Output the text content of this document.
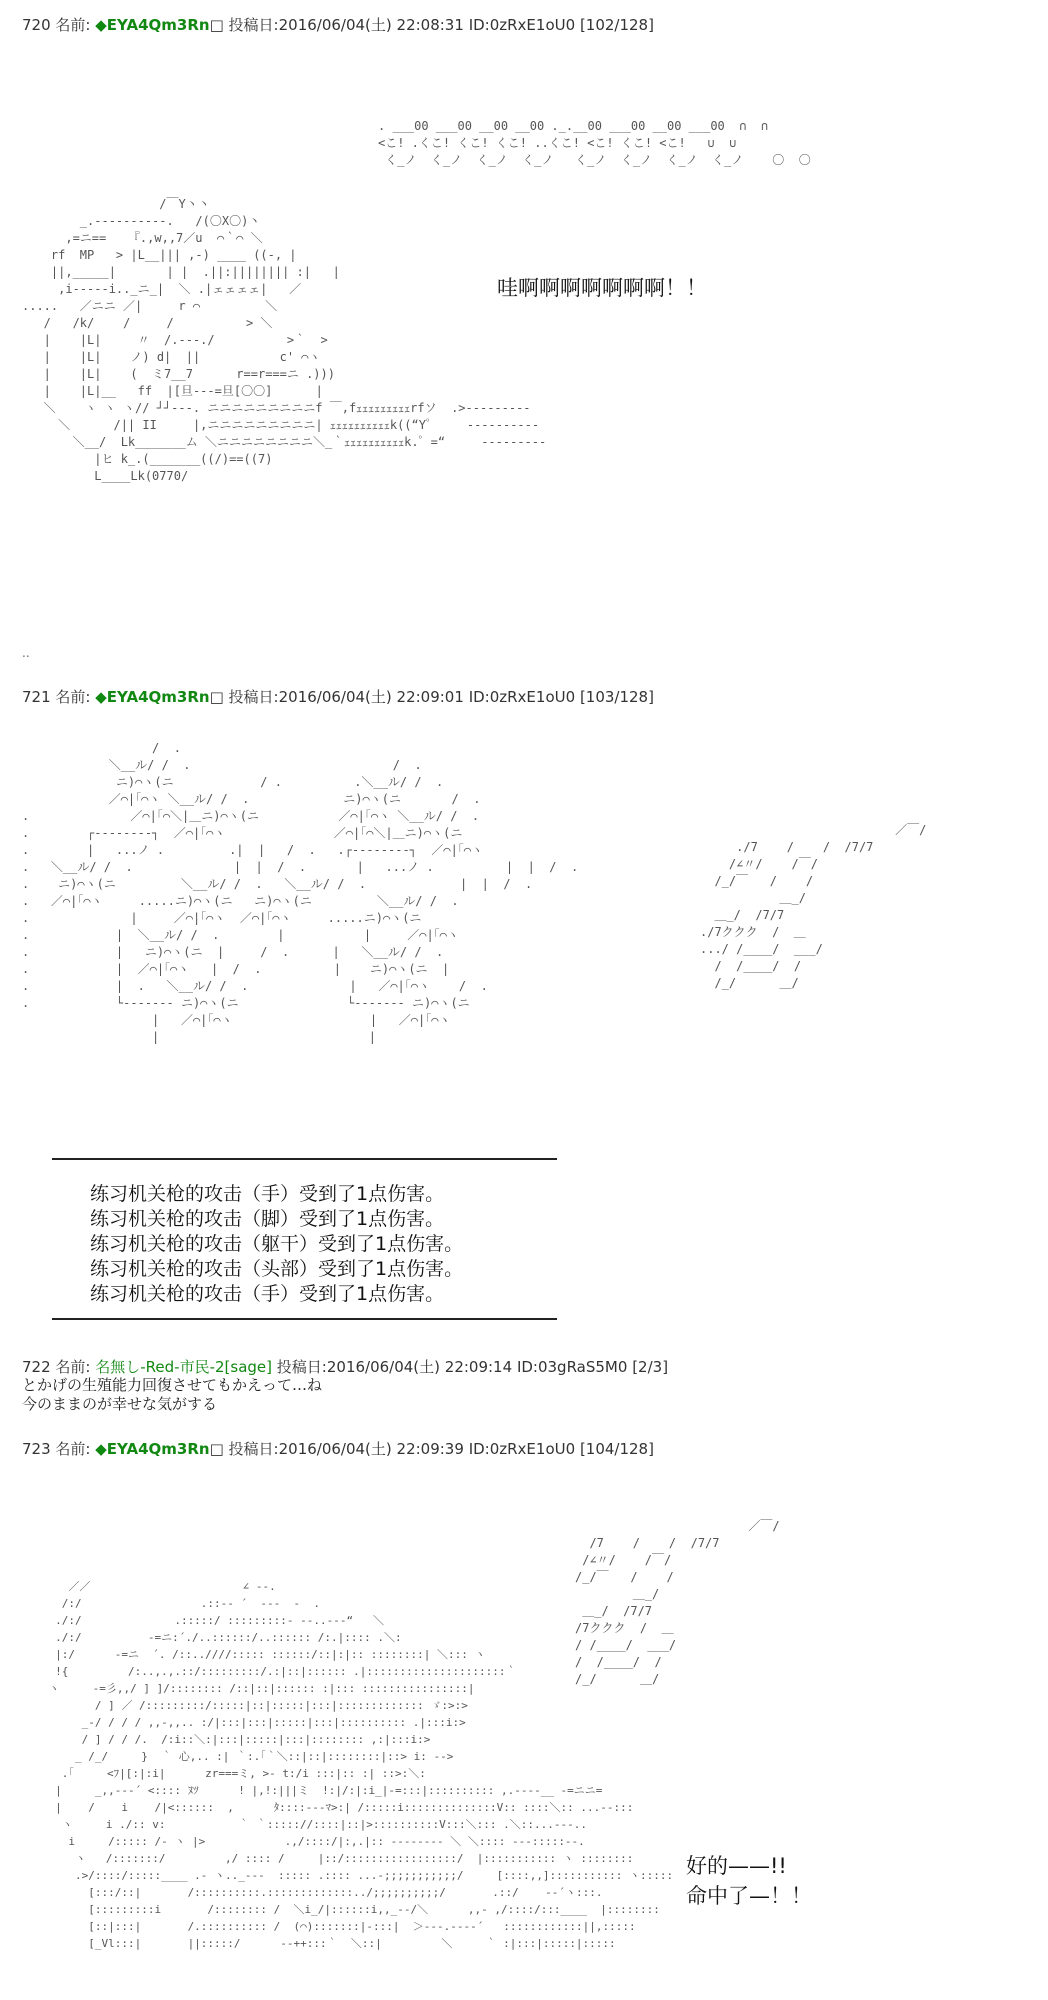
720 名前: ◆EYA4Qm3Rn□ 投稿日:2016/06/04(土) 22:08:31 ID:0zRxE1oU0 [102/128]
. ___00 ___00 __00 __00 ._.__00 ___00 __00 ___00  ∩  ∩
<こ! .くこ! くこ! くこ! ..くこ! <こ! くこ! <こ!   ∪  ∪
く_ノ  く_ノ  く_ノ  く_ノ   く_ノ  く_ノ  く_ノ  く_ノ    〇  〇
/￣Y丶丶
_.-‐‐‐‐‐‐‐‐‐.   /(〇X〇)丶
,=ニ==   『.,w,,7／u  ⌒｀⌒ ＼
rf  MP   > |L__||| ,-) ____ ((-, |
||,_____|       | |  .||:|||||||| :|   |
,i-‐‐‐‐i.._ニ_|  ＼ .|ェェェェ|   ／
.....   ／ニニ ／|     r ⌒         ＼
/   /k/    /     /          > ＼
|    |L|     〃  /.-‐-./          >｀  >
|    |L|    ノ) d|  ||           c' ⌒ヽ
|    |L|    (  ミ7__7      r==r===ニ .)))
|    |L|__   ff  |[旦‐‐‐=旦[〇〇]      |
＼    ヽ ヽ ヽ// ┘┘‐‐‐. ニニニニニニニニニf ￣,fｪｪｪｪｪｪｪｪｪrfソ  .>‐‐‐‐‐‐‐‐‐
＼      /|| II     |,ニニニニニニニニニ| ｪｪｪｪｪｪｪｪｪｪk((“Y゜    ‐‐‐‐‐‐‐‐‐‐
＼__/  Lk_______ム ＼ニニニニニニニニ＼_｀ｪｪｪｪｪｪｪｪｪｪk.゜=“     ‐‐‐‐‐‐‐‐‐
|ヒ k_.(_______((/)==((7)
L____Lk(0770/
哇啊啊啊啊啊啊啊！！
..
721 名前: ◆EYA4Qm3Rn□ 投稿日:2016/06/04(土) 22:09:01 ID:0zRxE1oU0 [103/128]
/  .
＼__ル/ /  .                            /  .
ニ)⌒ヽ(ニ            / .          .＼__ル/ /  .
／⌒|｢⌒ヽ ＼__ル/ /  .             ニ)⌒ヽ(ニ       /  .
.              ／⌒|｢⌒＼|＿ニ)⌒ヽ(ニ           ／⌒|｢⌒ヽ ＼__ル/ /  .
.        ┌‐‐‐‐‐‐‐‐┐  ／⌒|｢⌒ヽ               ／⌒|｢⌒＼|＿ニ)⌒ヽ(ニ
.        |   ...ノ .         .|  |   /  .   .┌‐‐‐‐‐‐‐‐┐  ／⌒|｢⌒ヽ
.   ＼__ル/ /  .              |  |  /  .       |   ...ノ .          |  |  /  .
.    ニ)⌒ヽ(ニ         ＼__ル/ /  .   ＼__ル/ /  .             |  |  /  .
.   ／⌒|｢⌒ヽ     .....ニ)⌒ヽ(ニ   ニ)⌒ヽ(ニ         ＼__ル/ /  .
.              |     ／⌒|｢⌒ヽ  ／⌒|｢⌒ヽ     .....ニ)⌒ヽ(ニ
.            |  ＼__ル/ /  .        |           |     ／⌒|｢⌒ヽ
.            |   ニ)⌒ヽ(ニ  |     /  .      |   ＼__ル/ /  .
.            |  ／⌒|｢⌒ヽ   |  /  .          |    ニ)⌒ヽ(ニ  |
.            |  .   ＼__ル/ /  .              |   ／⌒|｢⌒ヽ    /  .
.            └‐‐‐‐‐‐‐ ニ)⌒ヽ(ニ               └‐‐‐‐‐‐‐ ニ)⌒ヽ(ニ
|   ／⌒|｢⌒ヽ                   |   ／⌒|｢⌒ヽ
|                             |
／￣/
./7    /    /  /7/7
/∠〃/    /￣/
/_/￣   /    /
＿_/
＿_/  /7/7
./7ククク  /  ＿
.../ /____/  ___/
/  /____/  /
/_/      ＿/
练习机关枪的攻击（手）受到了1点伤害。
练习机关枪的攻击（脚）受到了1点伤害。
练习机关枪的攻击（躯干）受到了1点伤害。
练习机关枪的攻击（头部）受到了1点伤害。
练习机关枪的攻击（手）受到了1点伤害。
722 名前: 名無し-Red-市民-2[sage] 投稿日:2016/06/04(土) 22:09:14 ID:03gRaS5M0 [2/3]
とかげの生殖能力回復させてもかえって…ね
今のままのが幸せな気がする
723 名前: ◆EYA4Qm3Rn□ 投稿日:2016/06/04(土) 22:09:39 ID:0zRxE1oU0 [104/128]
／￣/
/7    /    /  /7/7
/∠〃/    /￣/
/_/￣   /    /
＿_/
＿_/  /7/7
/7ククク  /  ＿
/ /____/  ___/
/  /____/  /
/_/      ＿/
／／                       ∠ -‐.
/:/                  .::-‐ ´  ‐-‐  ‐  .
./:/              .:::::/ :::::::::- ‐‐..--‐“   ＼
./:/          -=ニ:´./..::::::/..:::::: /:.|:::: .＼:
|:/      -=ニ  ´. /::..////::::: ::::::/::|:|:: ::::::::| ＼::: ヽ
!{         /:..,.,.::/:::::::::/.:|::|:::::: .|:::::::::::::::::::::｀
ヽ     -=彡,,/ ] ]/:::::::: /::|::|:::::: :|::: ::::::::::::::::|
/ ] ／ /:::::::::/:::::|::|:::::|:::|::::::::::::: ゞ:>:>
_-/ / / / ,,-,,.. :/|:::|:::|:::::|:::|:::::::::: .|:::i:>
/ ] / / /.  /:i::＼:|:::|:::::|:::|:::::::: ,:|:::i:>
_ /_/     }  ｀ 心,.. :| ｀:.｢｀＼::|::|::::::::|::> i: ‐‐>
.｢     <ﾌ|[:|:i|      zr===ミ, >‐ t:/i :::|:: :| ::>:＼:
|     _,,-‐‐´ <:::: ﾇﾂ      ! |,!:|||ミ  !:|/:|:i_|‐=:::|:::::::::: ,.-‐‐‐__ -=ニニ=
|    /    i    /|<::::::  ,      ﾀ::::‐‐-ﾏ>:| /:::::i::::::::::::::V:: ::::＼:: ...--:::
ヽ     i ./:: v:           ｀ ｀::::://::::|::|>::::::::::V:::＼::: .＼::...‐‐‐..
i     /::::: /- ヽ |>            .,/::::/|:,.|:: ‐‐‐‐‐‐‐‐ ＼ ＼:::: ‐‐‐:::::‐‐.
ヽ   /:::::::/         ,/ :::: /     |::/:::::::::::::::::/  |::::::::::: ヽ ::::::::
.>/::::/:::::____ .- ヽ.._-‐‐  ::::: .:::: ...-;;;;;;;;;;;/     [::::,,]::::::::::: ヽ:::::
[:::/::|       /::::::::::.:::::::::::::../;;;;;;;;;;/       .::/    ‐‐´ヽ:::.
[:::::::::i       /:::::::: /  ＼i_/|::::::i,,_‐‐/＼      ,,‐ ,/::::/:::____  |::::::::
[::|:::|       /.:::::::::: /  (⌒):::::::|‐:::|  ＞-‐‐.-‐‐‐´   ::::::::::::||,:::::
[_Vl:::|       ||:::::/      ‐‐++:::｀  ＼::|         ＼     ｀ :|:::|:::::|:::::
好的——!!
命中了—！！
